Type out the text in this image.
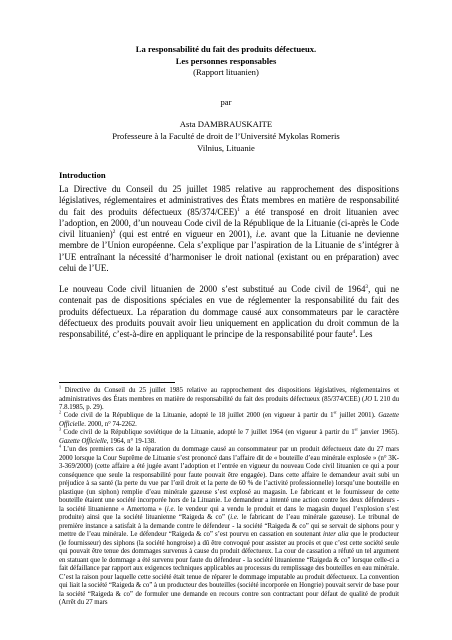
La responsabilité du fait des produits défectueux.
Les personnes responsables
(Rapport lituanien)
par
Asta DAMBRAUSKAITE
Professeure à la Faculté de droit de l’Université Mykolas Romeris
Vilnius, Lituanie
Introduction
La Directive du Conseil du 25 juillet 1985 relative au rapprochement des dispositions législatives, réglementaires et administratives des États membres en matière de responsabilité du fait des produits défectueux $(85/374/CEE)^1$ a été transposé en droit lituanien avec l’adoption, en 2000, d’un nouveau Code civil de la République de la Lituanie (ci-après le Code civil lituanien)$^2$ (qui est entré en vigueur en 2001), i.e. avant que la Lituanie ne devienne membre de l’Union européenne. Cela s’explique par l’aspiration de la Lituanie de s’intégrer à l’UE entraînant la nécessité d’harmoniser le droit national (existant ou en préparation) avec celui de l’UE.
Le nouveau Code civil lituanien de 2000 s’est substitué au Code civil de 1964$^3$, qui ne contenait pas de dispositions spéciales en vue de réglementer la responsabilité du fait des produits défectueux. La réparation du dommage causé aux consommateurs par le caractère défectueux des produits pouvait avoir lieu uniquement en application du droit commun de la responsabilité, c’est-à-dire en appliquant le principe de la responsabilité pour faute$^4$. Les
$^1$ Directive du Conseil du 25 juillet 1985 relative au rapprochement des dispositions législatives, réglementaires et administratives des États membres en matière de responsabilité du fait des produits défectueux (85/374/CEE) (JO L 210 du 7.8.1985, p. 29).
$^2$ Code civil de la République de la Lituanie, adopté le 18 juillet 2000 (en vigueur à partir du 1er juillet 2001). Gazette Officielle. 2000, n° 74-2262.
$^3$ Code civil de la République soviétique de la Lituanie, adopté le 7 juillet 1964 (en vigueur à partir du 1er janvier 1965). Gazette Officielle, 1964, n° 19-138.
$^4$ L’un des premiers cas de la réparation du dommage causé au consommateur par un produit défectueux date du 27 mars 2000 lorsque la Cour Suprême de Lituanie s’est prononcé dans l’affaire dit de « bouteille d’eau minérale explosée » (n° 3K-3-369/2000) (cette affaire a été jugée avant l’adoption et l’entrée en vigueur du nouveau Code civil lituanien ce qui a pour conséquence que seule la responsabilité pour faute pouvait être engagée). Dans cette affaire le demandeur avait subi un préjudice à sa santé (la perte du vue par l’œil droit et la perte de 60 % de l’activité professionnelle) lorsqu’une bouteille en plastique (un siphon) remplie d’eau minérale gazeuse s’est explosé au magasin. Le fabricant et le fournisseur de cette bouteille étaient une société incorporée hors de la Lituanie. Le demandeur a intenté une action contre les deux défendeurs - la société lituanienne « Amertoma » (i.e. le vendeur qui a vendu le produit et dans le magasin duquel l’explosion s’est produite) ainsi que la société lituanienne “Raigeda & co” (i.e. le fabricant de l’eau minérale gazeuse). Le tribunal de première instance a satisfait à la demande contre le défendeur - la société “Raigeda & co” qui se servait de siphons pour y mettre de l’eau minérale. Le défendeur “Raigeda & co” s’est pourvu en cassation en soutenant inter alia que le producteur (le fournisseur) des siphons (la société hongroise) a dû être convoqué pour assister au procès et que c’est cette société seule qui pouvait être tenue des dommages survenus à cause du produit défectueux. La cour de cassation a réfuté un tel argument en statuant que le dommage a été survenu pour faute du défendeur - la société lituanienne “Raigeda & co” lorsque celle-ci a fait défaillance par rapport aux exigences techniques applicables au processus du remplissage des bouteilles en eau minérale. C’est la raison pour laquelle cette société était tenue de réparer le dommage imputable au produit défectueux. La convention qui liait la société “Raigeda & co” à un producteur des bouteilles (société incorporée en Hongrie) pouvait servir de base pour la société “Raigeda & co” de formuler une demande en recours contre son contractant pour défaut de qualité de produit (Arrêt du 27 mars
